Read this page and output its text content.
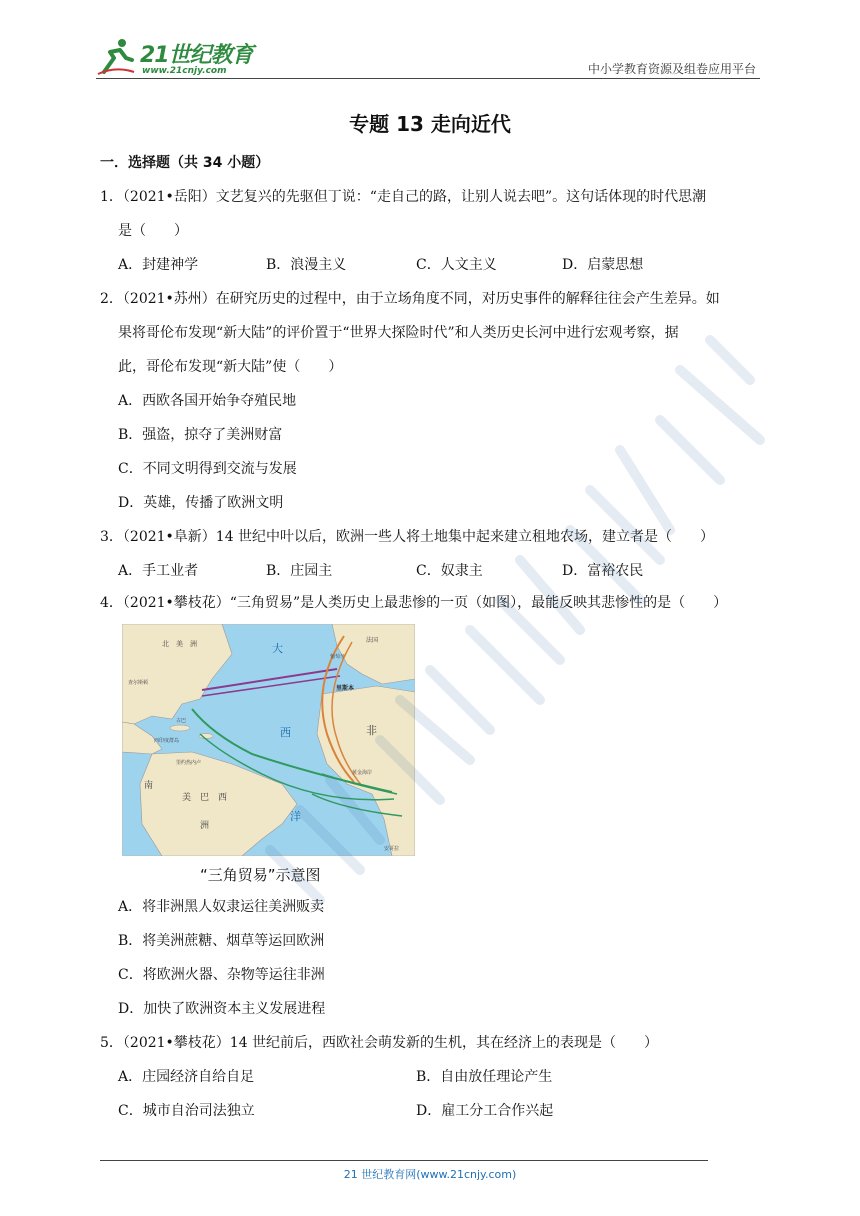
21世纪教育
www.21cnjy.com	中小学教育资源及组卷应用平台
专题 13 走向近代
一．选择题（共 34 小题）
1．（2021•岳阳）文艺复兴的先驱但丁说：“走自己的路，让别人说去吧”。这句话体现的时代思潮
是（　　）
A．封建神学	B．浪漫主义	C．人文主义	D．启蒙思想
2．（2021•苏州）在研究历史的过程中，由于立场角度不同，对历史事件的解释往往会产生差异。如
果将哥伦布发现“新大陆”的评价置于“世界大探险时代”和人类历史长河中进行宏观考察，据
此，哥伦布发现“新大陆”使（　　）
A．西欧各国开始争夺殖民地
B．强盗，掠夺了美洲财富
C．不同文明得到交流与发展
D．英雄，传播了欧洲文明
3．（2021•阜新）14 世纪中叶以后，欧洲一些人将土地集中起来建立租地农场，建立者是（　　）
A．手工业者	B．庄园主	C．奴隶主	D．富裕农民
4．（2021•攀枝花）“三角贸易”是人类历史上最悲惨的一页（如图），最能反映其悲惨性的是（　　）
北　美　洲
查尔斯顿
古巴
西印度群岛
里约热内卢
南
美　巴　西
洲
大
西
洋
法国
葡萄牙
里斯本
非
黄金海岸
安哥拉
“三角贸易”示意图
A．将非洲黑人奴隶运往美洲贩卖
B．将美洲蔗糖、烟草等运回欧洲
C．将欧洲火器、杂物等运往非洲
D．加快了欧洲资本主义发展进程
5．（2021•攀枝花）14 世纪前后，西欧社会萌发新的生机，其在经济上的表现是（　　）
A．庄园经济自给自足	B．自由放任理论产生
C．城市自治司法独立	D．雇工分工合作兴起
21 世纪教育网(www.21cnjy.com)
